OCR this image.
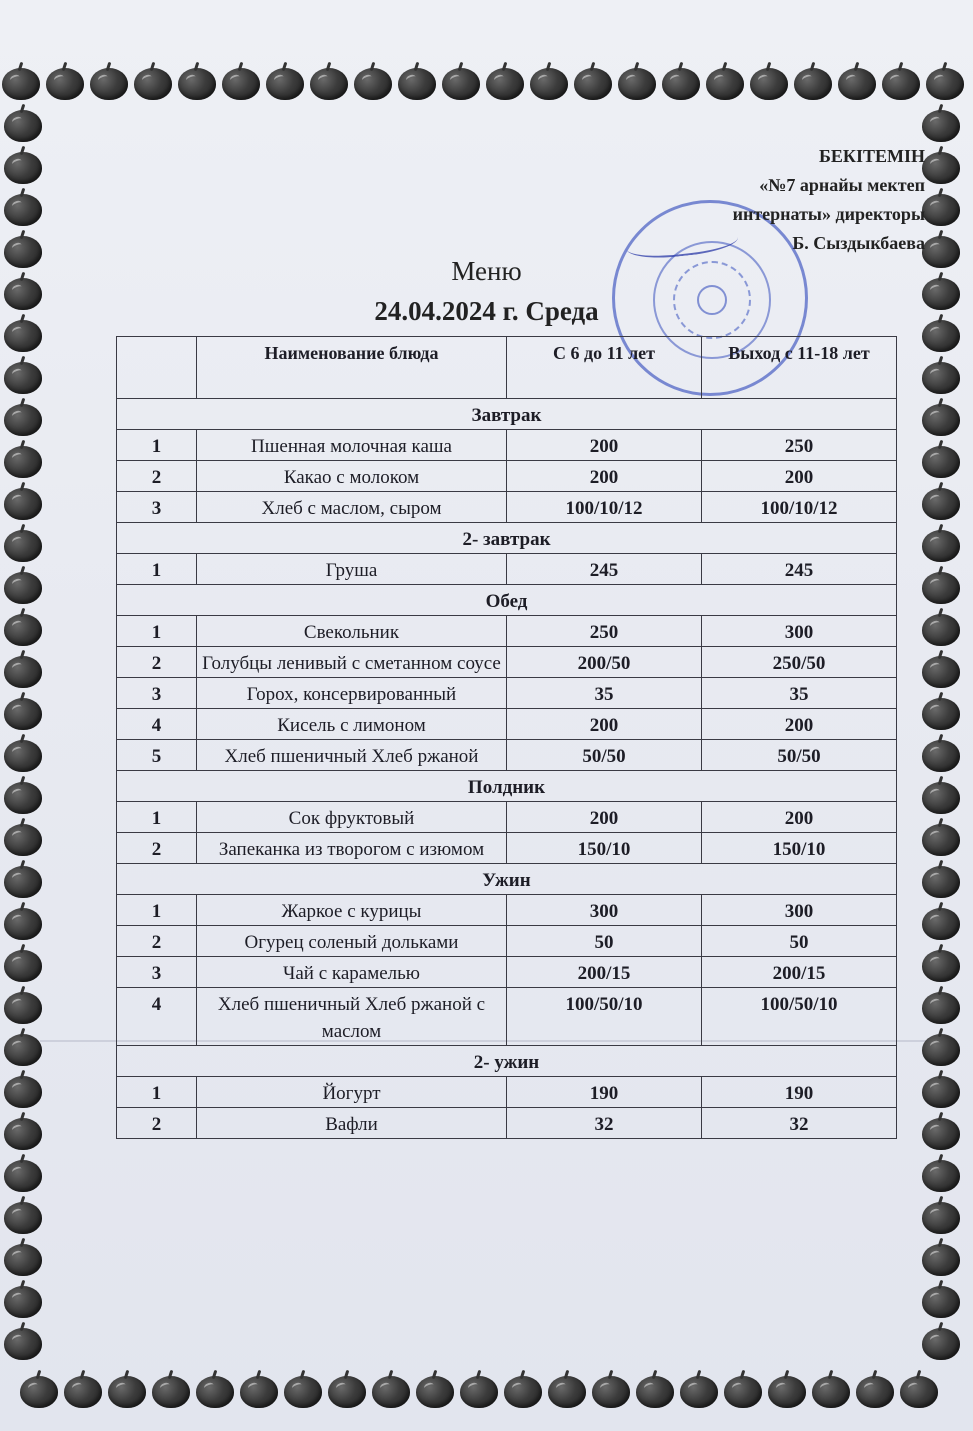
БЕКІТЕМІН
«№7 арнайы мектеп
интернаты» директоры
Б. Сыздыкбаева
Меню
24.04.2024 г. Среда
	Наименование блюда	С 6 до 11 лет	Выход с 11-18 лет
Завтрак			
1	Пшенная молочная каша	200	250
2	Какао с молоком	200	200
3	Хлеб с маслом, сыром	100/10/12	100/10/12
2- завтрак			
1	Груша	245	245
Обед			
1	Свекольник	250	300
2	Голубцы ленивый с сметанном соусе	200/50	250/50
3	Горох, консервированный	35	35
4	Кисель с лимоном	200	200
5	Хлеб пшеничный Хлеб ржаной	50/50	50/50
Полдник			
1	Сок фруктовый	200	200
2	Запеканка из творогом с изюмом	150/10	150/10
Ужин			
1	Жаркое с курицы	300	300
2	Огурец соленый дольками	50	50
3	Чай с карамелью	200/15	200/15
4	Хлеб пшеничный Хлеб ржаной с маслом	100/50/10	100/50/10
2- ужин			
1	Йогурт	190	190
2	Вафли	32	32
